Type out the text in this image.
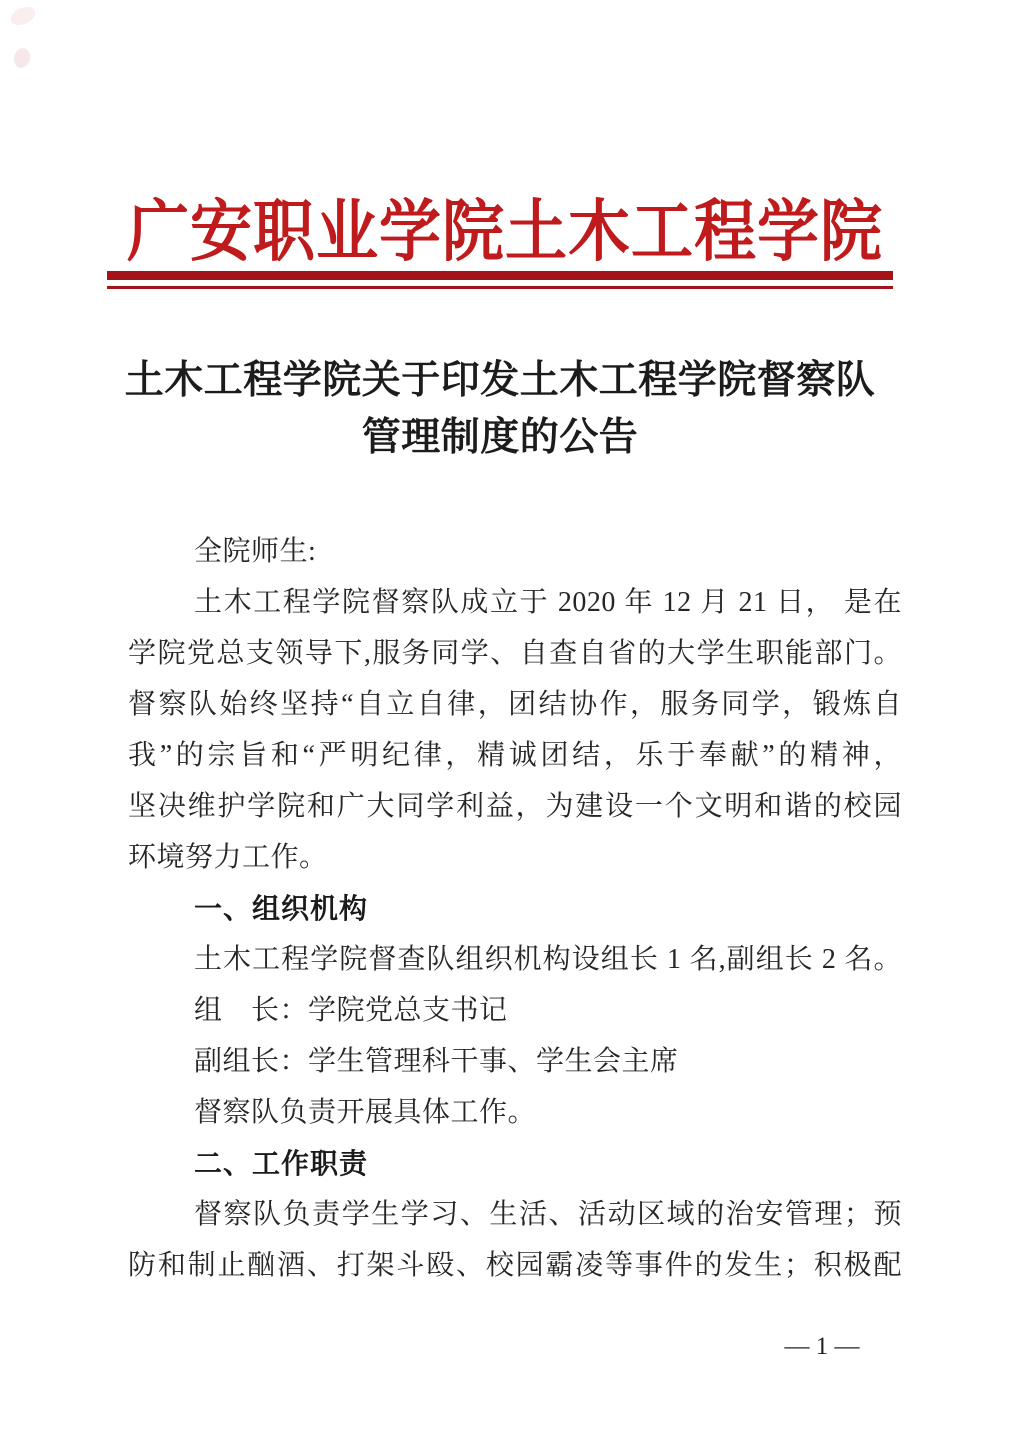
广安职业学院土木工程学院
土木工程学院关于印发土木工程学院督察队
管理制度的公告
全院师生:
土木工程学院督察队成立于 2020 年 12 月 21 日， 是在
学院党总支领导下,服务同学、自查自省的大学生职能部门。
督察队始终坚持“自立自律，团结协作，服务同学，锻炼自
我”的宗旨和“严明纪律，精诚团结，乐于奉献”的精神，
坚决维护学院和广大同学利益，为建设一个文明和谐的校园
环境努力工作。
一、组织机构
土木工程学院督查队组织机构设组长 1 名,副组长 2 名。
组　长：学院党总支书记
副组长：学生管理科干事、学生会主席
督察队负责开展具体工作。
二、工作职责
督察队负责学生学习、生活、活动区域的治安管理；预
防和制止酗酒、打架斗殴、校园霸凌等事件的发生；积极配
— 1 —
